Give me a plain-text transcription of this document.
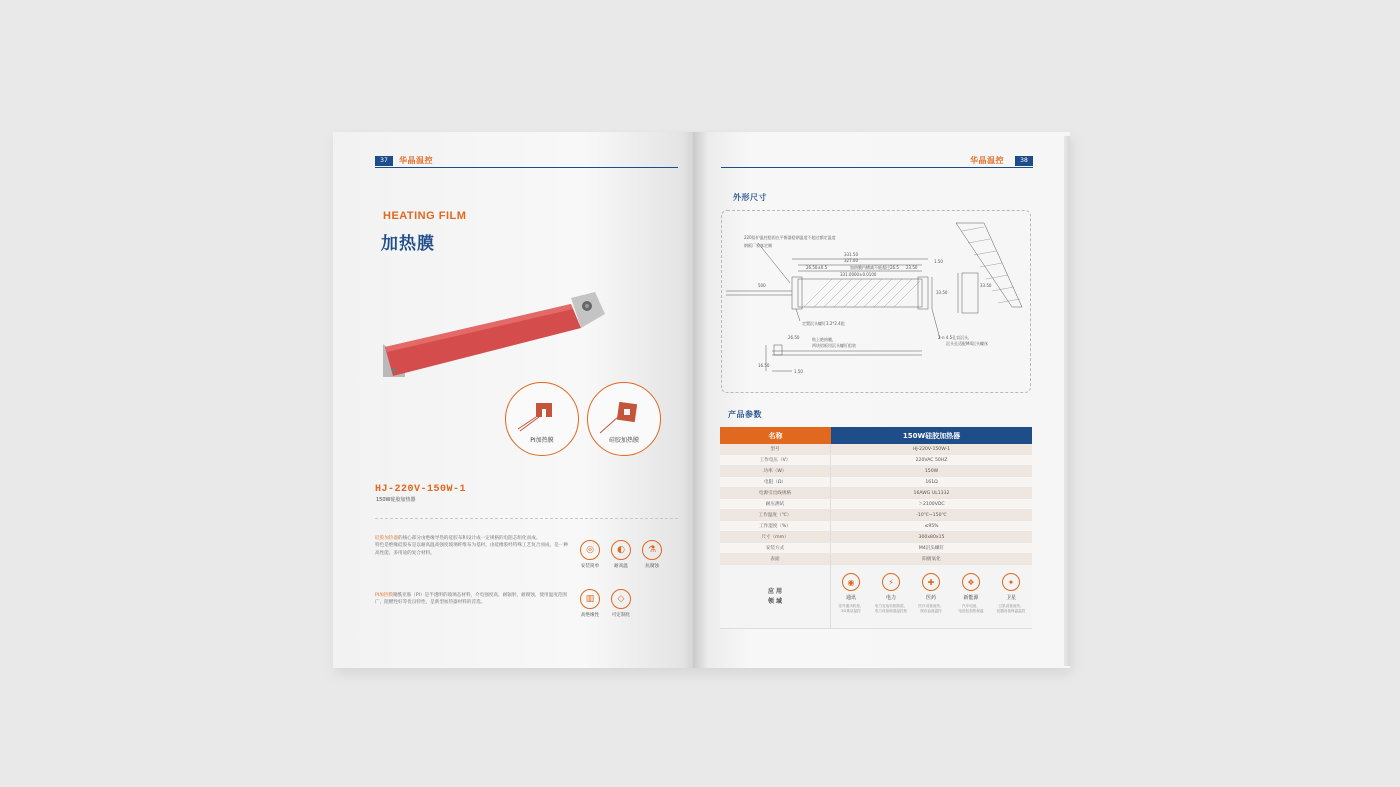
37	华晶温控
HEATING FILM
加热膜
PI加热膜	硅胶加热膜
HJ-220V-150W-1
150W硅胶加热器
硅胶加热器的核心部分由绝缘导热的硅胶布和设计成一定规格的电阻芯组化而成。
特色是绝缘硅胶布是以耐高温高强度玻璃纤维布为基材，由硅橡胶经特殊工艺复合而成，是一种高性能、多用途的复合材料。
PI加热膜聚酰亚胺（PI）是半透明的玻璃态材料，介电强度高，耐辐射，耐腐蚀，使用温度范围广，阻燃性好等优良特性，是新型加热器材料的首选。
◎
安装简单
◐
耐高温
⚗
抗腐蚀
▥
高绝缘性
◇
可定制化
华晶温控	38
外形尺寸
220倍护温控稳固在平衡器稳钢温度不超过额定温度
钢板厂家客定制
331.50
327.00
26.50±0.5	加热膜内槽减不能超过26.5
331.0000±0.0100
23.50
1.50
33.50
33.50
500
定置沉头螺钉3.2*2.4组
贴上绝热膜，
两块铝板用沉头螺钉组装
26.50
1.50
16.50
2-n 4.5孔盲沉头，
沉头孔适配M4沉头螺丝
产品参数
名称	150W硅胶加热器
型号	HJ-220V-150W-1
工作电压（V）	220VAC 50HZ
功率（W）	150W
电阻（Ω）	161Ω
电源引出线规格	16AWG UL1332
耐压测试	＞2100VDC
工作温度（℃）	-10℃~150℃
工作湿度（%）	≤95%
尺寸（mm）	300x80x15
安装方式	M4沉头螺钉
表面	阳极氧化
应 用
领 域
◉
通讯
室外通讯机柜，
5G基站温控
⚡
电力
电力变电站柜除湿，
电力设备除湿温控柜
✚
医药
医疗设备加热，
保存血液温控
❖
新能源
汽车电池、
电池包加热保温
✦
卫星
卫星设备加热，
仪器设备保温温控
